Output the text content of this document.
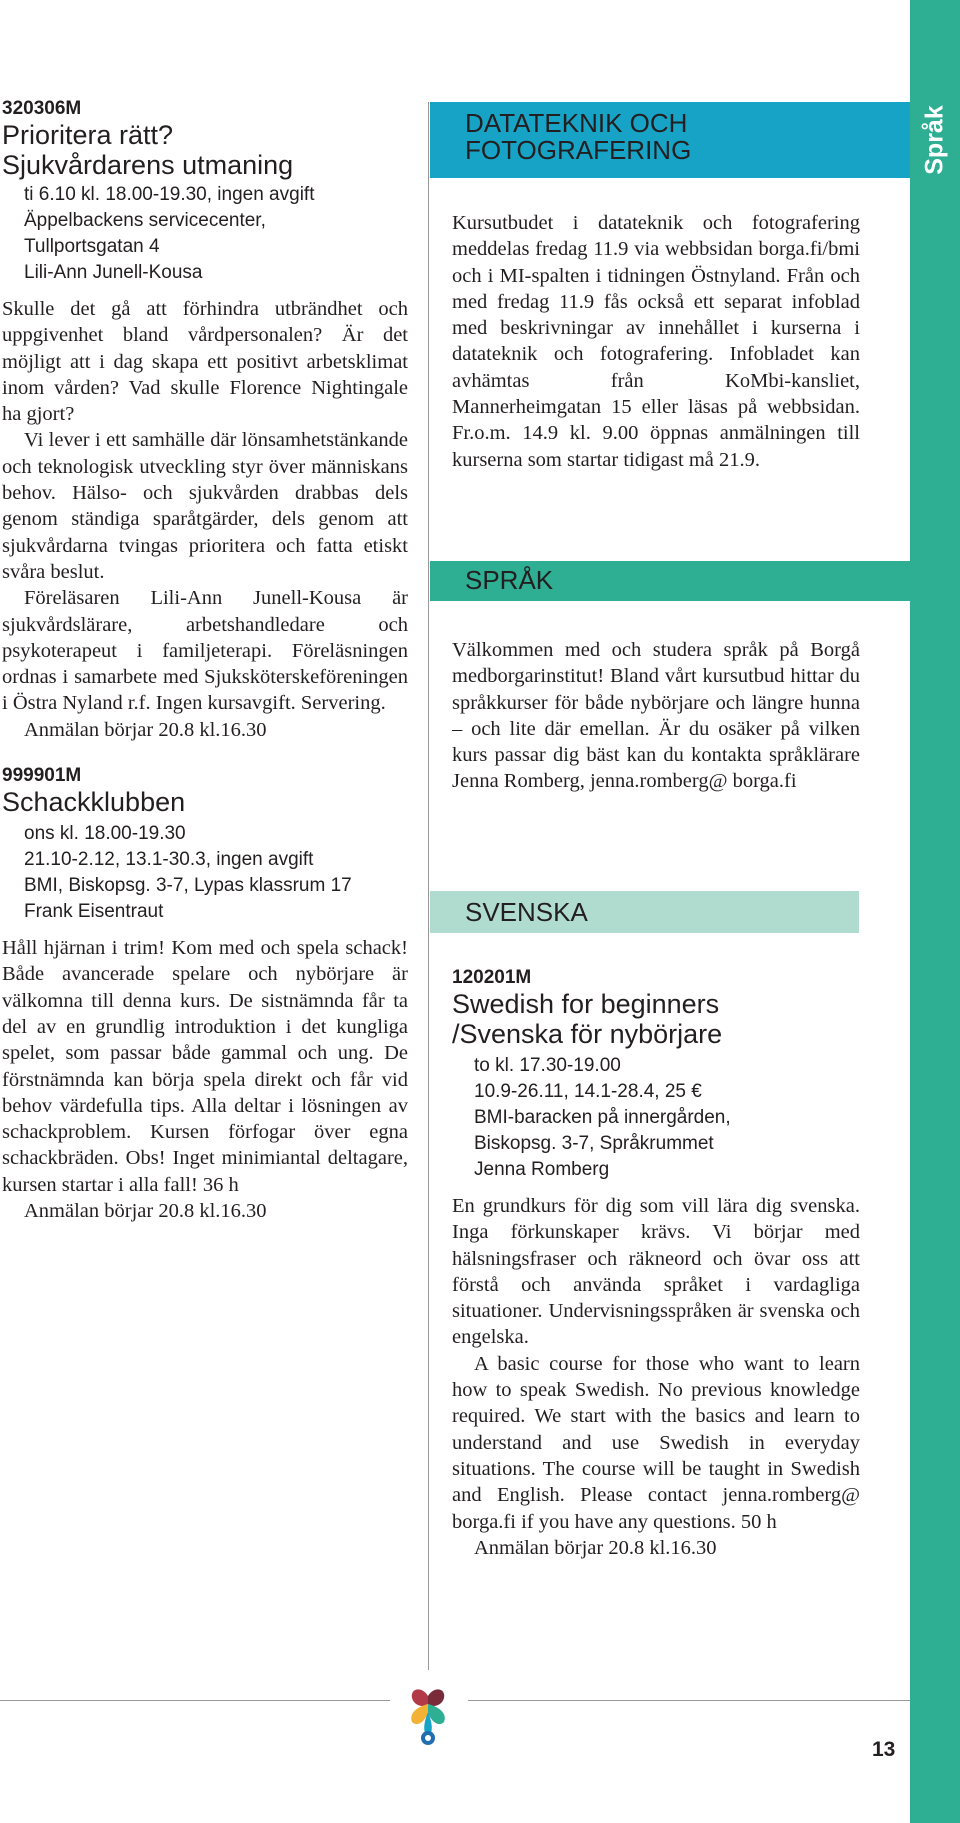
Språk
320306M
Prioritera rätt?
Sjukvårdarens utmaning
ti 6.10 kl. 18.00-19.30, ingen avgift
Äppelbackens servicecenter,
Tullportsgatan 4
Lili-Ann Junell-Kousa

Skulle det gå att förhindra utbrändhet och uppgivenhet bland vårdpersonalen? Är det möjligt att i dag skapa ett positivt arbetsklimat inom vården? Vad skulle Florence Nightingale ha gjort?

Vi lever i ett samhälle där lönsamhetstänkande och teknologisk utveckling styr över människans behov. Hälso- och sjukvården drabbas dels genom ständiga sparåtgärder, dels genom att sjukvårdarna tvingas prioritera och fatta etiskt svåra beslut.

Föreläsaren Lili-Ann Junell-Kousa är sjukvårdslärare, arbetshandledare och psykoterapeut i familjeterapi. Föreläsningen ordnas i samarbete med Sjuksköterskeföreningen i Östra Nyland r.f. Ingen kursavgift. Servering.

Anmälan börjar 20.8 kl.16.30

999901M
Schackklubben
ons kl. 18.00-19.30
21.10-2.12, 13.1-30.3, ingen avgift
BMI, Biskopsg. 3-7, Lypas klassrum 17
Frank Eisentraut

Håll hjärnan i trim! Kom med och spela schack! Både avancerade spelare och nybörjare är välkomna till denna kurs. De sistnämnda får ta del av en grundlig introduktion i det kungliga spelet, som passar både gammal och ung. De förstnämnda kan börja spela direkt och får vid behov värdefulla tips. Alla deltar i lösningen av schackproblem. Kursen förfogar över egna schackbräden. Obs! Inget minimiantal deltagare, kursen startar i alla fall! 36 h

Anmälan börjar 20.8 kl.16.30

DATATEKNIK OCH
FOTOGRAFERING
SPRÅK
SVENSKA

Kursutbudet i datateknik och fotografering meddelas fredag 11.9 via webbsidan borga.fi/bmi och i MI-spalten i tidningen Östnyland. Från och med fredag 11.9 fås också ett separat infoblad med beskrivningar av innehållet i kurserna i datateknik och fotografering. Infobladet kan avhämtas från KoMbi-kansliet, Mannerheimgatan 15 eller läsas på webbsidan. Fr.o.m. 14.9 kl. 9.00 öppnas anmälningen till kurserna som startar tidigast må 21.9.

Välkommen med och studera språk på Borgå medborgarinstitut! Bland vårt kursutbud hittar du språkkurser för både nybörjare och längre hunna – och lite där emellan. Är du osäker på vilken kurs passar dig bäst kan du kontakta språklärare Jenna Romberg, jenna.romberg@ borga.fi

120201M
Swedish for beginners
/Svenska för nybörjare
to kl. 17.30-19.00
10.9-26.11, 14.1-28.4, 25 €
BMI-baracken på innergården,
Biskopsg. 3-7, Språkrummet
Jenna Romberg

En grundkurs för dig som vill lära dig svenska. Inga förkunskaper krävs. Vi börjar med hälsningsfraser och räkneord och övar oss att förstå och använda språket i vardagliga situationer. Undervisningsspråken är svenska och engelska.

A basic course for those who want to learn how to speak Swedish. No previous knowledge required. We start with the basics and learn to understand and use Swedish in everyday situations. The course will be taught in Swedish and English. Please contact jenna.romberg@ borga.fi if you have any questions. 50 h

Anmälan börjar 20.8 kl.16.30

13
